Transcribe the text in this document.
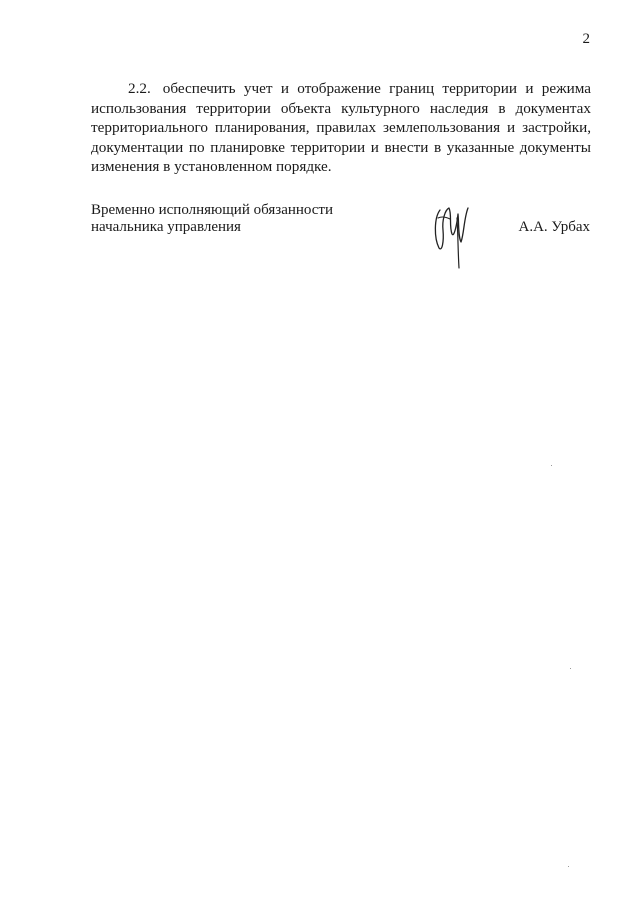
2

2.2. обеспечить учет и отображение границ территории и режима использования территории объекта культурного наследия в документах территориального планирования, правилах землепользования и застройки, документации по планировке территории и внести в указанные документы изменения в установленном порядке.

Временно исполняющий обязанности
начальника управления	А.А. Урбах
